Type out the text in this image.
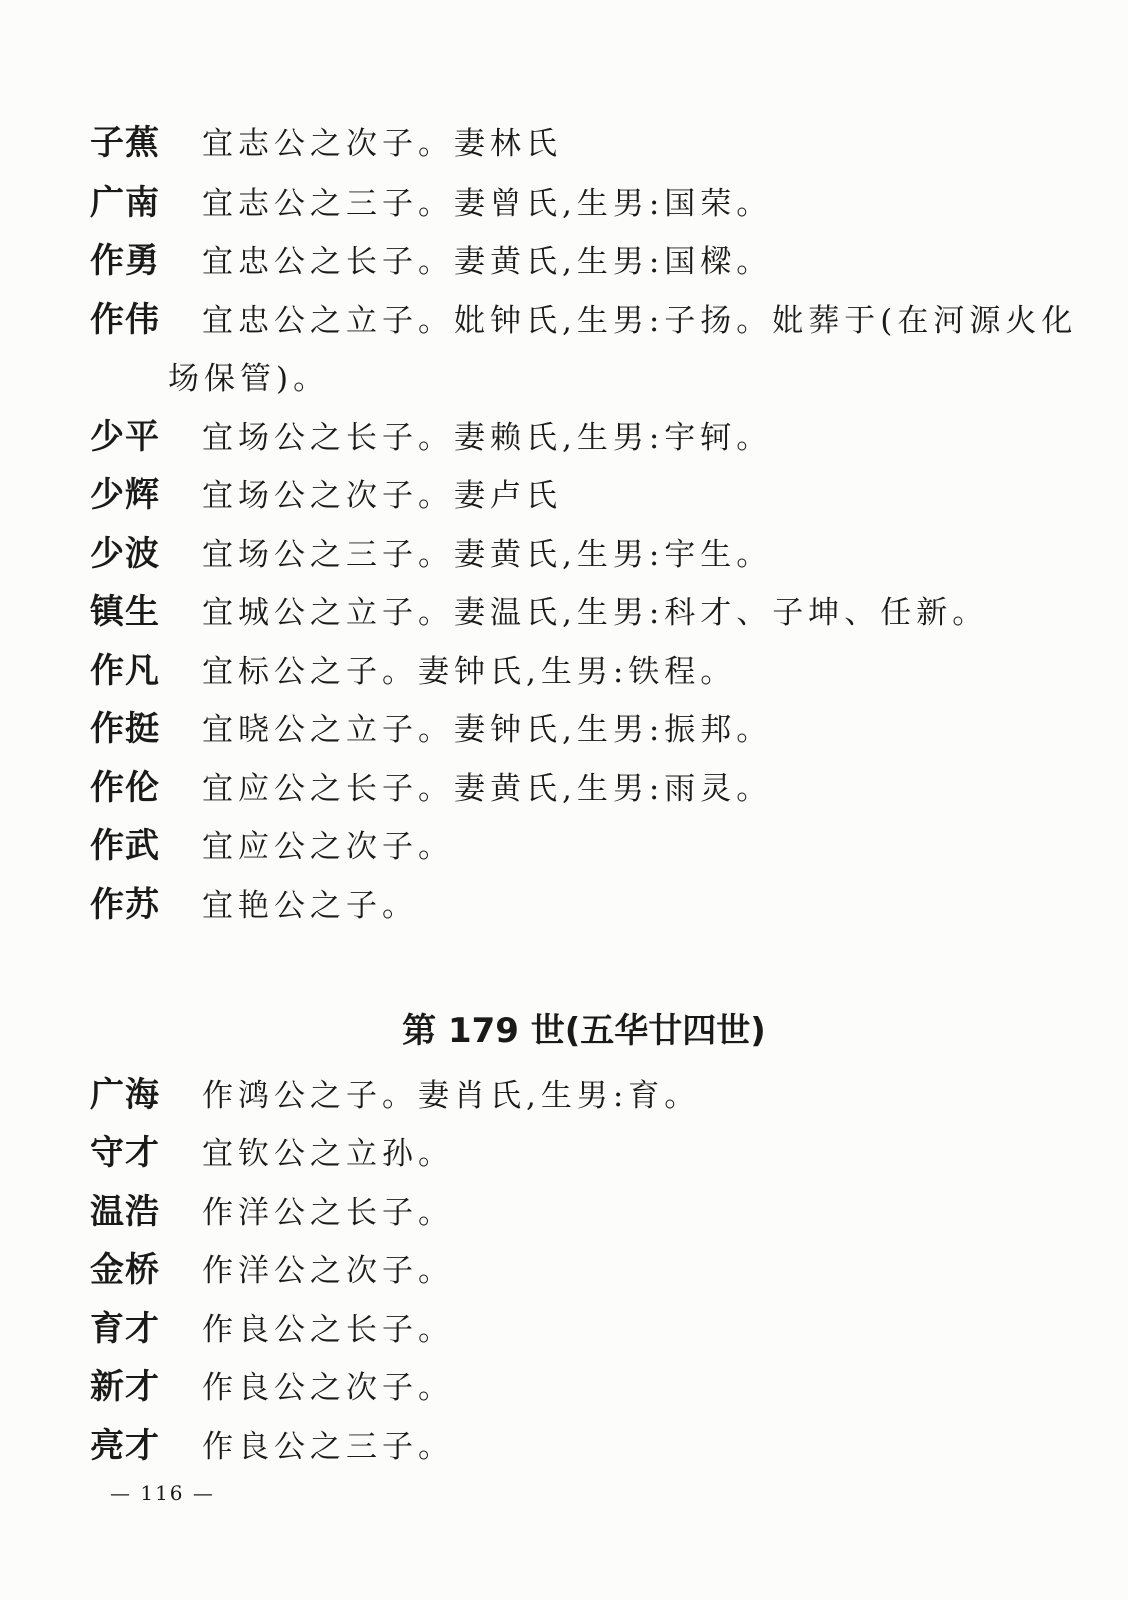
子蕉 宜志公之次子。妻林氏
广南 宜志公之三子。妻曾氏,生男:国荣。
作勇 宜忠公之长子。妻黄氏,生男:国樑。
作伟 宜忠公之立子。妣钟氏,生男:子扬。妣葬于(在河源火化
场保管)。
少平 宜场公之长子。妻赖氏,生男:宇轲。
少辉 宜场公之次子。妻卢氏
少波 宜场公之三子。妻黄氏,生男:宇生。
镇生 宜城公之立子。妻温氏,生男:科才、子坤、任新。
作凡 宜标公之子。妻钟氏,生男:铁程。
作挺 宜晓公之立子。妻钟氏,生男:振邦。
作伦 宜应公之长子。妻黄氏,生男:雨灵。
作武 宜应公之次子。
作苏 宜艳公之子。
第 179 世(五华廿四世)
广海 作鸿公之子。妻肖氏,生男:育。
守才 宜钦公之立孙。
温浩 作洋公之长子。
金桥 作洋公之次子。
育才 作良公之长子。
新才 作良公之次子。
亮才 作良公之三子。
— 116 —
